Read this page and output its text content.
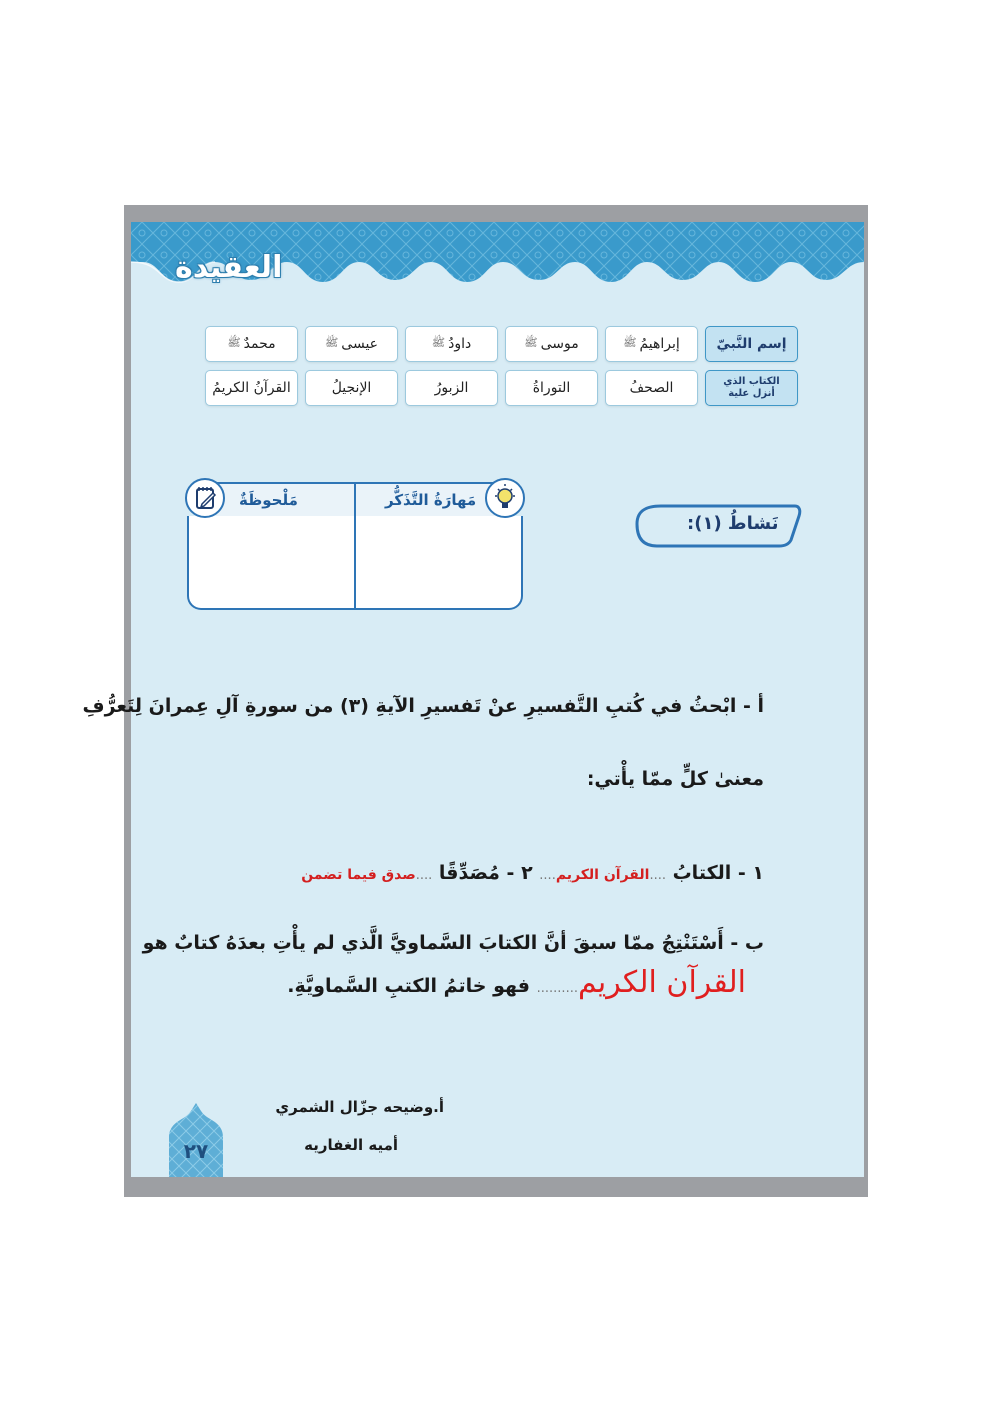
العقيدة
إسم النَّبيّ
إبراهيمُ
ﷺ
موسى
ﷺ
داودُ
ﷺ
عيسى
ﷺ
محمدٌ
ﷺ
الكتاب الذي
أنزل علية
الصحفُ
التوراةُ
الزبورُ
الإنجيلُ
القرآنُ الكريمُ
مَلْحوظَةٌ	مَهارَةُ التَّذَكُّر
نَشاطُ (١):
أ - ابْحثُ في كُتبِ التَّفسيرِ عنْ تَفسيرِ الآيةِ (٣) من سورةِ آلِ عِمرانَ لِتَعرُّفِ
معنىٰ كلٍّ ممّا يأْتي:
١ - الكتابُ ....القرآن الكريم.... ٢ - مُصَدِّقًا ....صدق فيما تضمن
ب - أَسْتَنْتِجُ ممّا سبقَ أنَّ الكتابَ السَّماويَّ الَّذي لم يأْتِ بعدَهُ كتابٌ هو
القرآن الكريم.......... فهو خاتمُ الكتبِ السَّماويَّةِ.
أ.وضيحه جزّال الشمري
أميه الغفاريه
٢٧
